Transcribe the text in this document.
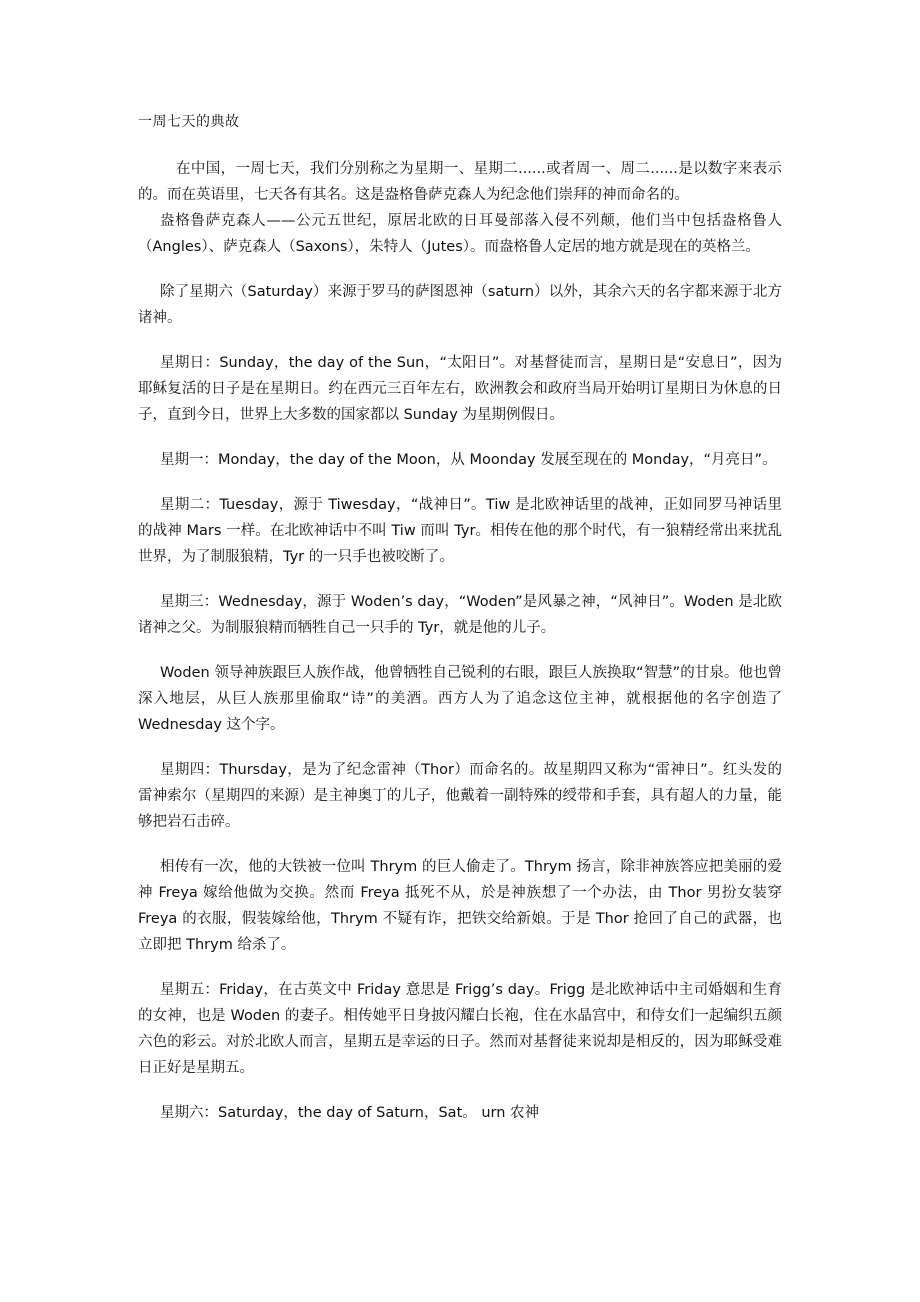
一周七天的典故

在中国，一周七天，我们分别称之为星期一、星期二......或者周一、周二......是以数字来表示的。而在英语里，七天各有其名。这是盎格鲁萨克森人为纪念他们崇拜的神而命名的。

盎格鲁萨克森人——公元五世纪，原居北欧的日耳曼部落入侵不列颠，他们当中包括盎格鲁人（Angles）、萨克森人（Saxons），朱特人（Jutes）。而盎格鲁人定居的地方就是现在的英格兰。

除了星期六（Saturday）来源于罗马的萨图恩神（saturn）以外，其余六天的名字都来源于北方诸神。

星期日：Sunday，the day of the Sun，“太阳日”。对基督徒而言，星期日是“安息日”，因为耶稣复活的日子是在星期日。约在西元三百年左右，欧洲教会和政府当局开始明订星期日为休息的日子，直到今日，世界上大多数的国家都以 Sunday 为星期例假日。

星期一：Monday，the day of the Moon，从 Moonday 发展至现在的 Monday，“月亮日”。

星期二：Tuesday，源于 Tiwesday，“战神日”。Tiw 是北欧神话里的战神，正如同罗马神话里的战神 Mars 一样。在北欧神话中不叫 Tiw 而叫 Tyr。相传在他的那个时代，有一狼精经常出来扰乱世界，为了制服狼精，Tyr 的一只手也被咬断了。

星期三：Wednesday，源于 Woden’s day，“Woden”是风暴之神，“风神日”。Woden 是北欧诸神之父。为制服狼精而牺牲自己一只手的 Tyr，就是他的儿子。

Woden 领导神族跟巨人族作战，他曾牺牲自己锐利的右眼，跟巨人族换取“智慧”的甘泉。他也曾深入地层，从巨人族那里偷取“诗”的美酒。西方人为了追念这位主神，就根据他的名字创造了 Wednesday 这个字。

星期四：Thursday，是为了纪念雷神（Thor）而命名的。故星期四又称为“雷神日”。红头发的雷神索尔（星期四的来源）是主神奥丁的儿子，他戴着一副特殊的绶带和手套，具有超人的力量，能够把岩石击碎。

相传有一次，他的大铁被一位叫 Thrym 的巨人偷走了。Thrym 扬言，除非神族答应把美丽的爱神 Freya 嫁给他做为交换。然而 Freya 抵死不从，於是神族想了一个办法，由 Thor 男扮女装穿 Freya 的衣服，假装嫁给他，Thrym 不疑有诈，把铁交给新娘。于是 Thor 抢回了自己的武器，也立即把 Thrym 给杀了。

星期五：Friday，在古英文中 Friday 意思是 Frigg’s day。Frigg 是北欧神话中主司婚姻和生育的女神，也是 Woden 的妻子。相传她平日身披闪耀白长袍，住在水晶宫中，和侍女们一起编织五颜六色的彩云。对於北欧人而言，星期五是幸运的日子。然而对基督徒来说却是相反的，因为耶稣受难日正好是星期五。

星期六：Saturday，the day of Saturn，Sat。 urn 农神
